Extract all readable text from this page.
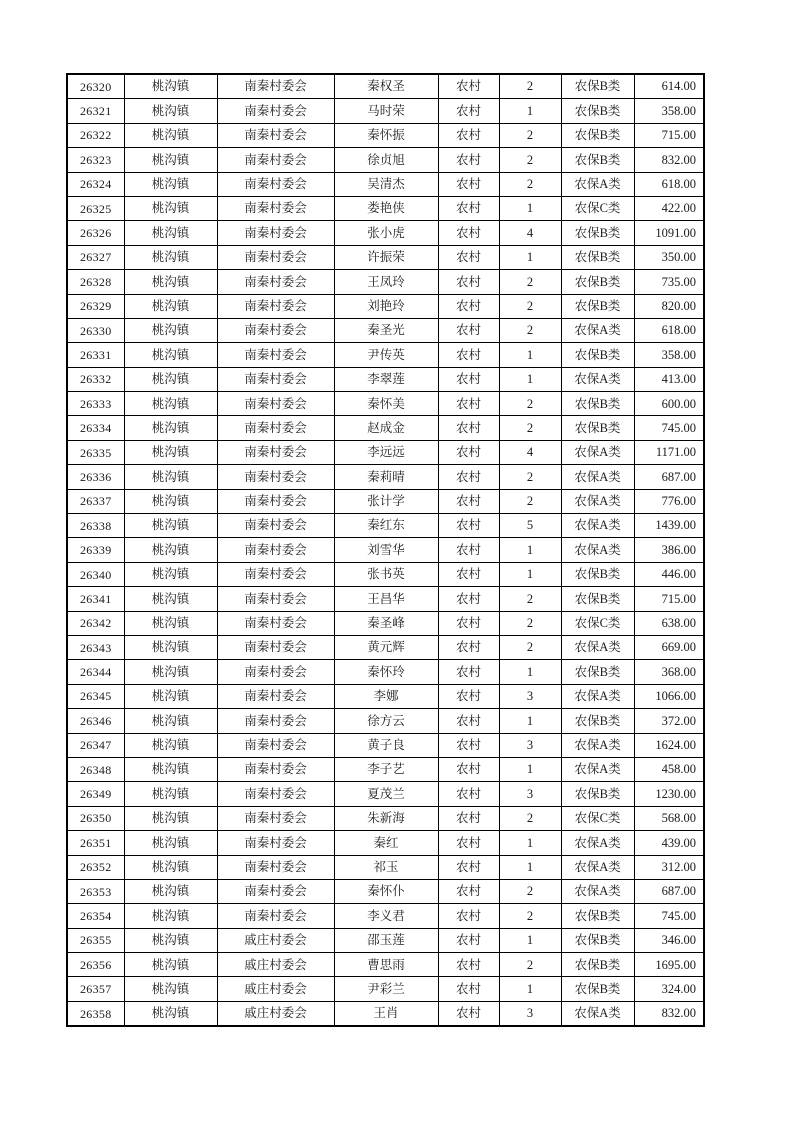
26320	桃沟镇	南秦村委会	秦权圣	农村	2	农保B类	614.00
26321	桃沟镇	南秦村委会	马时荣	农村	1	农保B类	358.00
26322	桃沟镇	南秦村委会	秦怀振	农村	2	农保B类	715.00
26323	桃沟镇	南秦村委会	徐贞旭	农村	2	农保B类	832.00
26324	桃沟镇	南秦村委会	吴清杰	农村	2	农保A类	618.00
26325	桃沟镇	南秦村委会	娄艳侠	农村	1	农保C类	422.00
26326	桃沟镇	南秦村委会	张小虎	农村	4	农保B类	1091.00
26327	桃沟镇	南秦村委会	许振荣	农村	1	农保B类	350.00
26328	桃沟镇	南秦村委会	王凤玲	农村	2	农保B类	735.00
26329	桃沟镇	南秦村委会	刘艳玲	农村	2	农保B类	820.00
26330	桃沟镇	南秦村委会	秦圣光	农村	2	农保A类	618.00
26331	桃沟镇	南秦村委会	尹传英	农村	1	农保B类	358.00
26332	桃沟镇	南秦村委会	李翠莲	农村	1	农保A类	413.00
26333	桃沟镇	南秦村委会	秦怀美	农村	2	农保B类	600.00
26334	桃沟镇	南秦村委会	赵成金	农村	2	农保B类	745.00
26335	桃沟镇	南秦村委会	李远远	农村	4	农保A类	1171.00
26336	桃沟镇	南秦村委会	秦莉晴	农村	2	农保A类	687.00
26337	桃沟镇	南秦村委会	张计学	农村	2	农保A类	776.00
26338	桃沟镇	南秦村委会	秦红东	农村	5	农保A类	1439.00
26339	桃沟镇	南秦村委会	刘雪华	农村	1	农保A类	386.00
26340	桃沟镇	南秦村委会	张书英	农村	1	农保B类	446.00
26341	桃沟镇	南秦村委会	王昌华	农村	2	农保B类	715.00
26342	桃沟镇	南秦村委会	秦圣峰	农村	2	农保C类	638.00
26343	桃沟镇	南秦村委会	黄元辉	农村	2	农保A类	669.00
26344	桃沟镇	南秦村委会	秦怀玲	农村	1	农保B类	368.00
26345	桃沟镇	南秦村委会	李娜	农村	3	农保A类	1066.00
26346	桃沟镇	南秦村委会	徐方云	农村	1	农保B类	372.00
26347	桃沟镇	南秦村委会	黄子良	农村	3	农保A类	1624.00
26348	桃沟镇	南秦村委会	李子艺	农村	1	农保A类	458.00
26349	桃沟镇	南秦村委会	夏茂兰	农村	3	农保B类	1230.00
26350	桃沟镇	南秦村委会	朱新海	农村	2	农保C类	568.00
26351	桃沟镇	南秦村委会	秦红	农村	1	农保A类	439.00
26352	桃沟镇	南秦村委会	祁玉	农村	1	农保A类	312.00
26353	桃沟镇	南秦村委会	秦怀仆	农村	2	农保A类	687.00
26354	桃沟镇	南秦村委会	李义君	农村	2	农保B类	745.00
26355	桃沟镇	戚庄村委会	邵玉莲	农村	1	农保B类	346.00
26356	桃沟镇	戚庄村委会	曹思雨	农村	2	农保B类	1695.00
26357	桃沟镇	戚庄村委会	尹彩兰	农村	1	农保B类	324.00
26358	桃沟镇	戚庄村委会	王肖	农村	3	农保A类	832.00
